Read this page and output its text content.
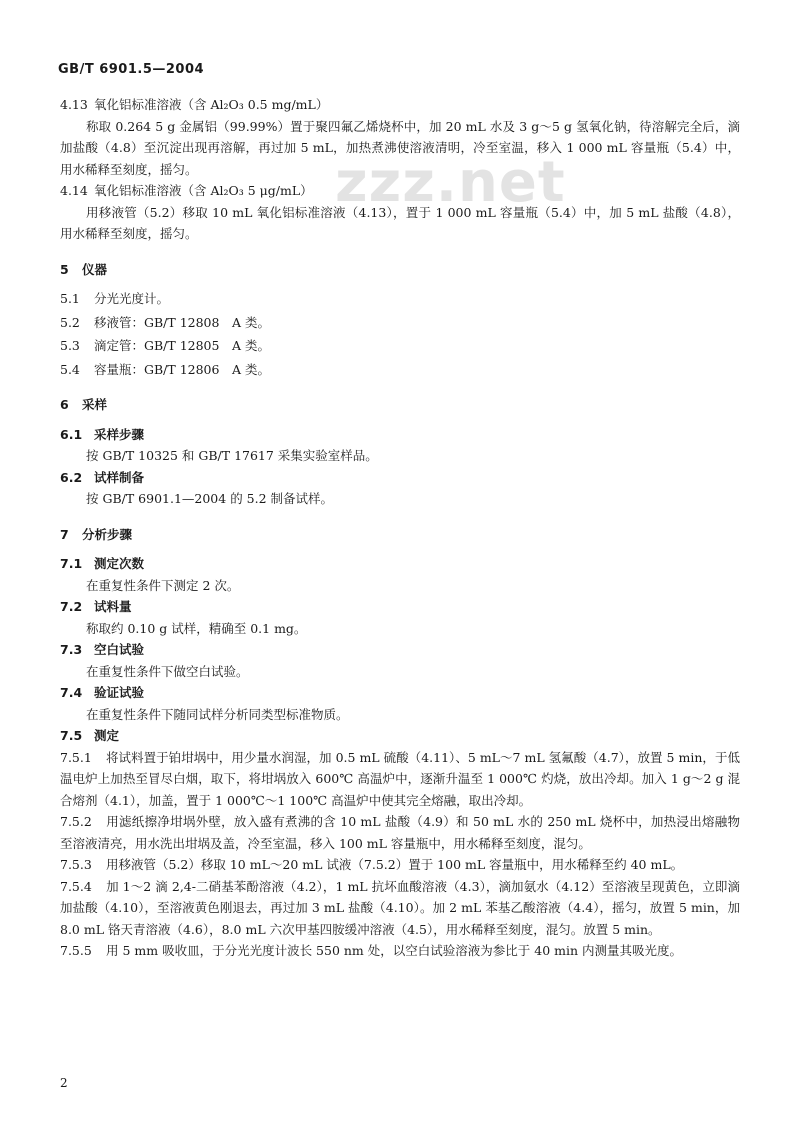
GB/T 6901.5—2004
zzz.net
4.13 氧化铝标准溶液（含 Al₂O₃ 0.5 mg/mL）
称取 0.264 5 g 金属铝（99.99%）置于聚四氟乙烯烧杯中，加 20 mL 水及 3 g～5 g 氢氧化钠，待溶解完全后，滴加盐酸（4.8）至沉淀出现再溶解，再过加 5 mL，加热煮沸使溶液清明，冷至室温，移入 1 000 mL 容量瓶（5.4）中，用水稀释至刻度，摇匀。
4.14 氧化铝标准溶液（含 Al₂O₃ 5 μg/mL）
用移液管（5.2）移取 10 mL 氧化铝标准溶液（4.13），置于 1 000 mL 容量瓶（5.4）中，加 5 mL 盐酸（4.8），用水稀释至刻度，摇匀。
5 仪器
5.1 分光光度计。
5.2 移液管：GB/T 12808　A 类。
5.3 滴定管：GB/T 12805　A 类。
5.4 容量瓶：GB/T 12806　A 类。
6 采样
6.1 采样步骤
按 GB/T 10325 和 GB/T 17617 采集实验室样品。
6.2 试样制备
按 GB/T 6901.1—2004 的 5.2 制备试样。
7 分析步骤
7.1 测定次数
在重复性条件下测定 2 次。
7.2 试料量
称取约 0.10 g 试样，精确至 0.1 mg。
7.3 空白试验
在重复性条件下做空白试验。
7.4 验证试验
在重复性条件下随同试样分析同类型标准物质。
7.5 测定
7.5.1 将试料置于铂坩埚中，用少量水润湿，加 0.5 mL 硫酸（4.11）、5 mL～7 mL 氢氟酸（4.7），放置 5 min，于低温电炉上加热至冒尽白烟，取下，将坩埚放入 600℃ 高温炉中，逐渐升温至 1 000℃ 灼烧，放出冷却。加入 1 g～2 g 混合熔剂（4.1），加盖，置于 1 000℃～1 100℃ 高温炉中使其完全熔融，取出冷却。
7.5.2 用滤纸擦净坩埚外壁，放入盛有煮沸的含 10 mL 盐酸（4.9）和 50 mL 水的 250 mL 烧杯中，加热浸出熔融物至溶液清亮，用水洗出坩埚及盖，冷至室温，移入 100 mL 容量瓶中，用水稀释至刻度，混匀。
7.5.3 用移液管（5.2）移取 10 mL～20 mL 试液（7.5.2）置于 100 mL 容量瓶中，用水稀释至约 40 mL。
7.5.4 加 1～2 滴 2,4-二硝基苯酚溶液（4.2），1 mL 抗坏血酸溶液（4.3），滴加氨水（4.12）至溶液呈现黄色，立即滴加盐酸（4.10），至溶液黄色刚退去，再过加 3 mL 盐酸（4.10）。加 2 mL 苯基乙酸溶液（4.4），摇匀，放置 5 min，加 8.0 mL 铬天青溶液（4.6），8.0 mL 六次甲基四胺缓冲溶液（4.5），用水稀释至刻度，混匀。放置 5 min。
7.5.5 用 5 mm 吸收皿，于分光光度计波长 550 nm 处，以空白试验溶液为参比于 40 min 内测量其吸光度。
2
